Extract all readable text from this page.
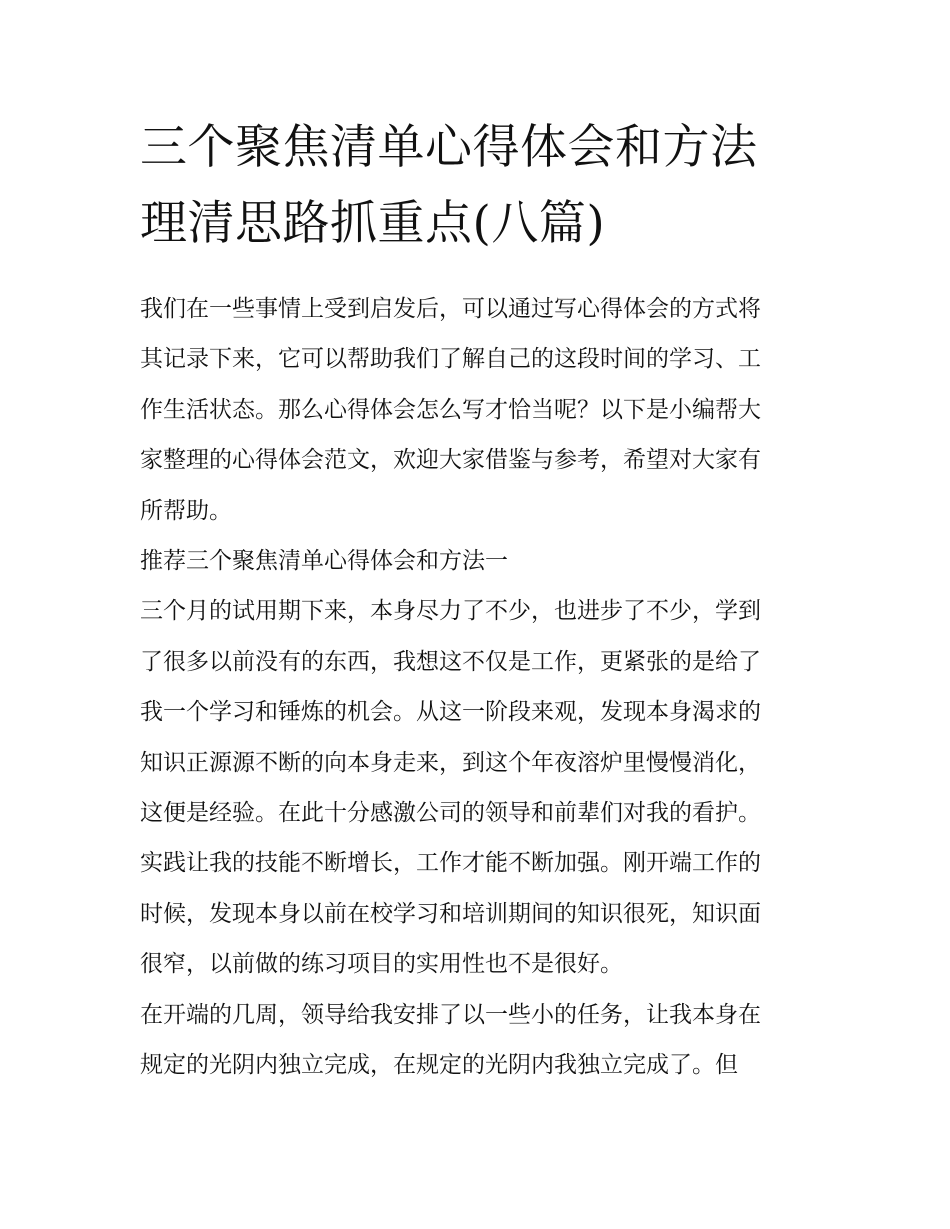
三个聚焦清单心得体会和方法
理清思路抓重点(八篇)

我们在一些事情上受到启发后，可以通过写心得体会的方式将
其记录下来，它可以帮助我们了解自己的这段时间的学习、工
作生活状态。那么心得体会怎么写才恰当呢？以下是小编帮大
家整理的心得体会范文，欢迎大家借鉴与参考，希望对大家有
所帮助。

推荐三个聚焦清单心得体会和方法一

三个月的试用期下来，本身尽力了不少，也进步了不少，学到
了很多以前没有的东西，我想这不仅是工作，更紧张的是给了
我一个学习和锤炼的机会。从这一阶段来观，发现本身渴求的
知识正源源不断的向本身走来，到这个年夜溶炉里慢慢消化，
这便是经验。在此十分感激公司的领导和前辈们对我的看护。

实践让我的技能不断增长，工作才能不断加强。刚开端工作的
时候，发现本身以前在校学习和培训期间的知识很死，知识面
很窄，以前做的练习项目的实用性也不是很好。

在开端的几周，领导给我安排了以一些小的任务，让我本身在
规定的光阴内独立完成，在规定的光阴内我独立完成了。但
